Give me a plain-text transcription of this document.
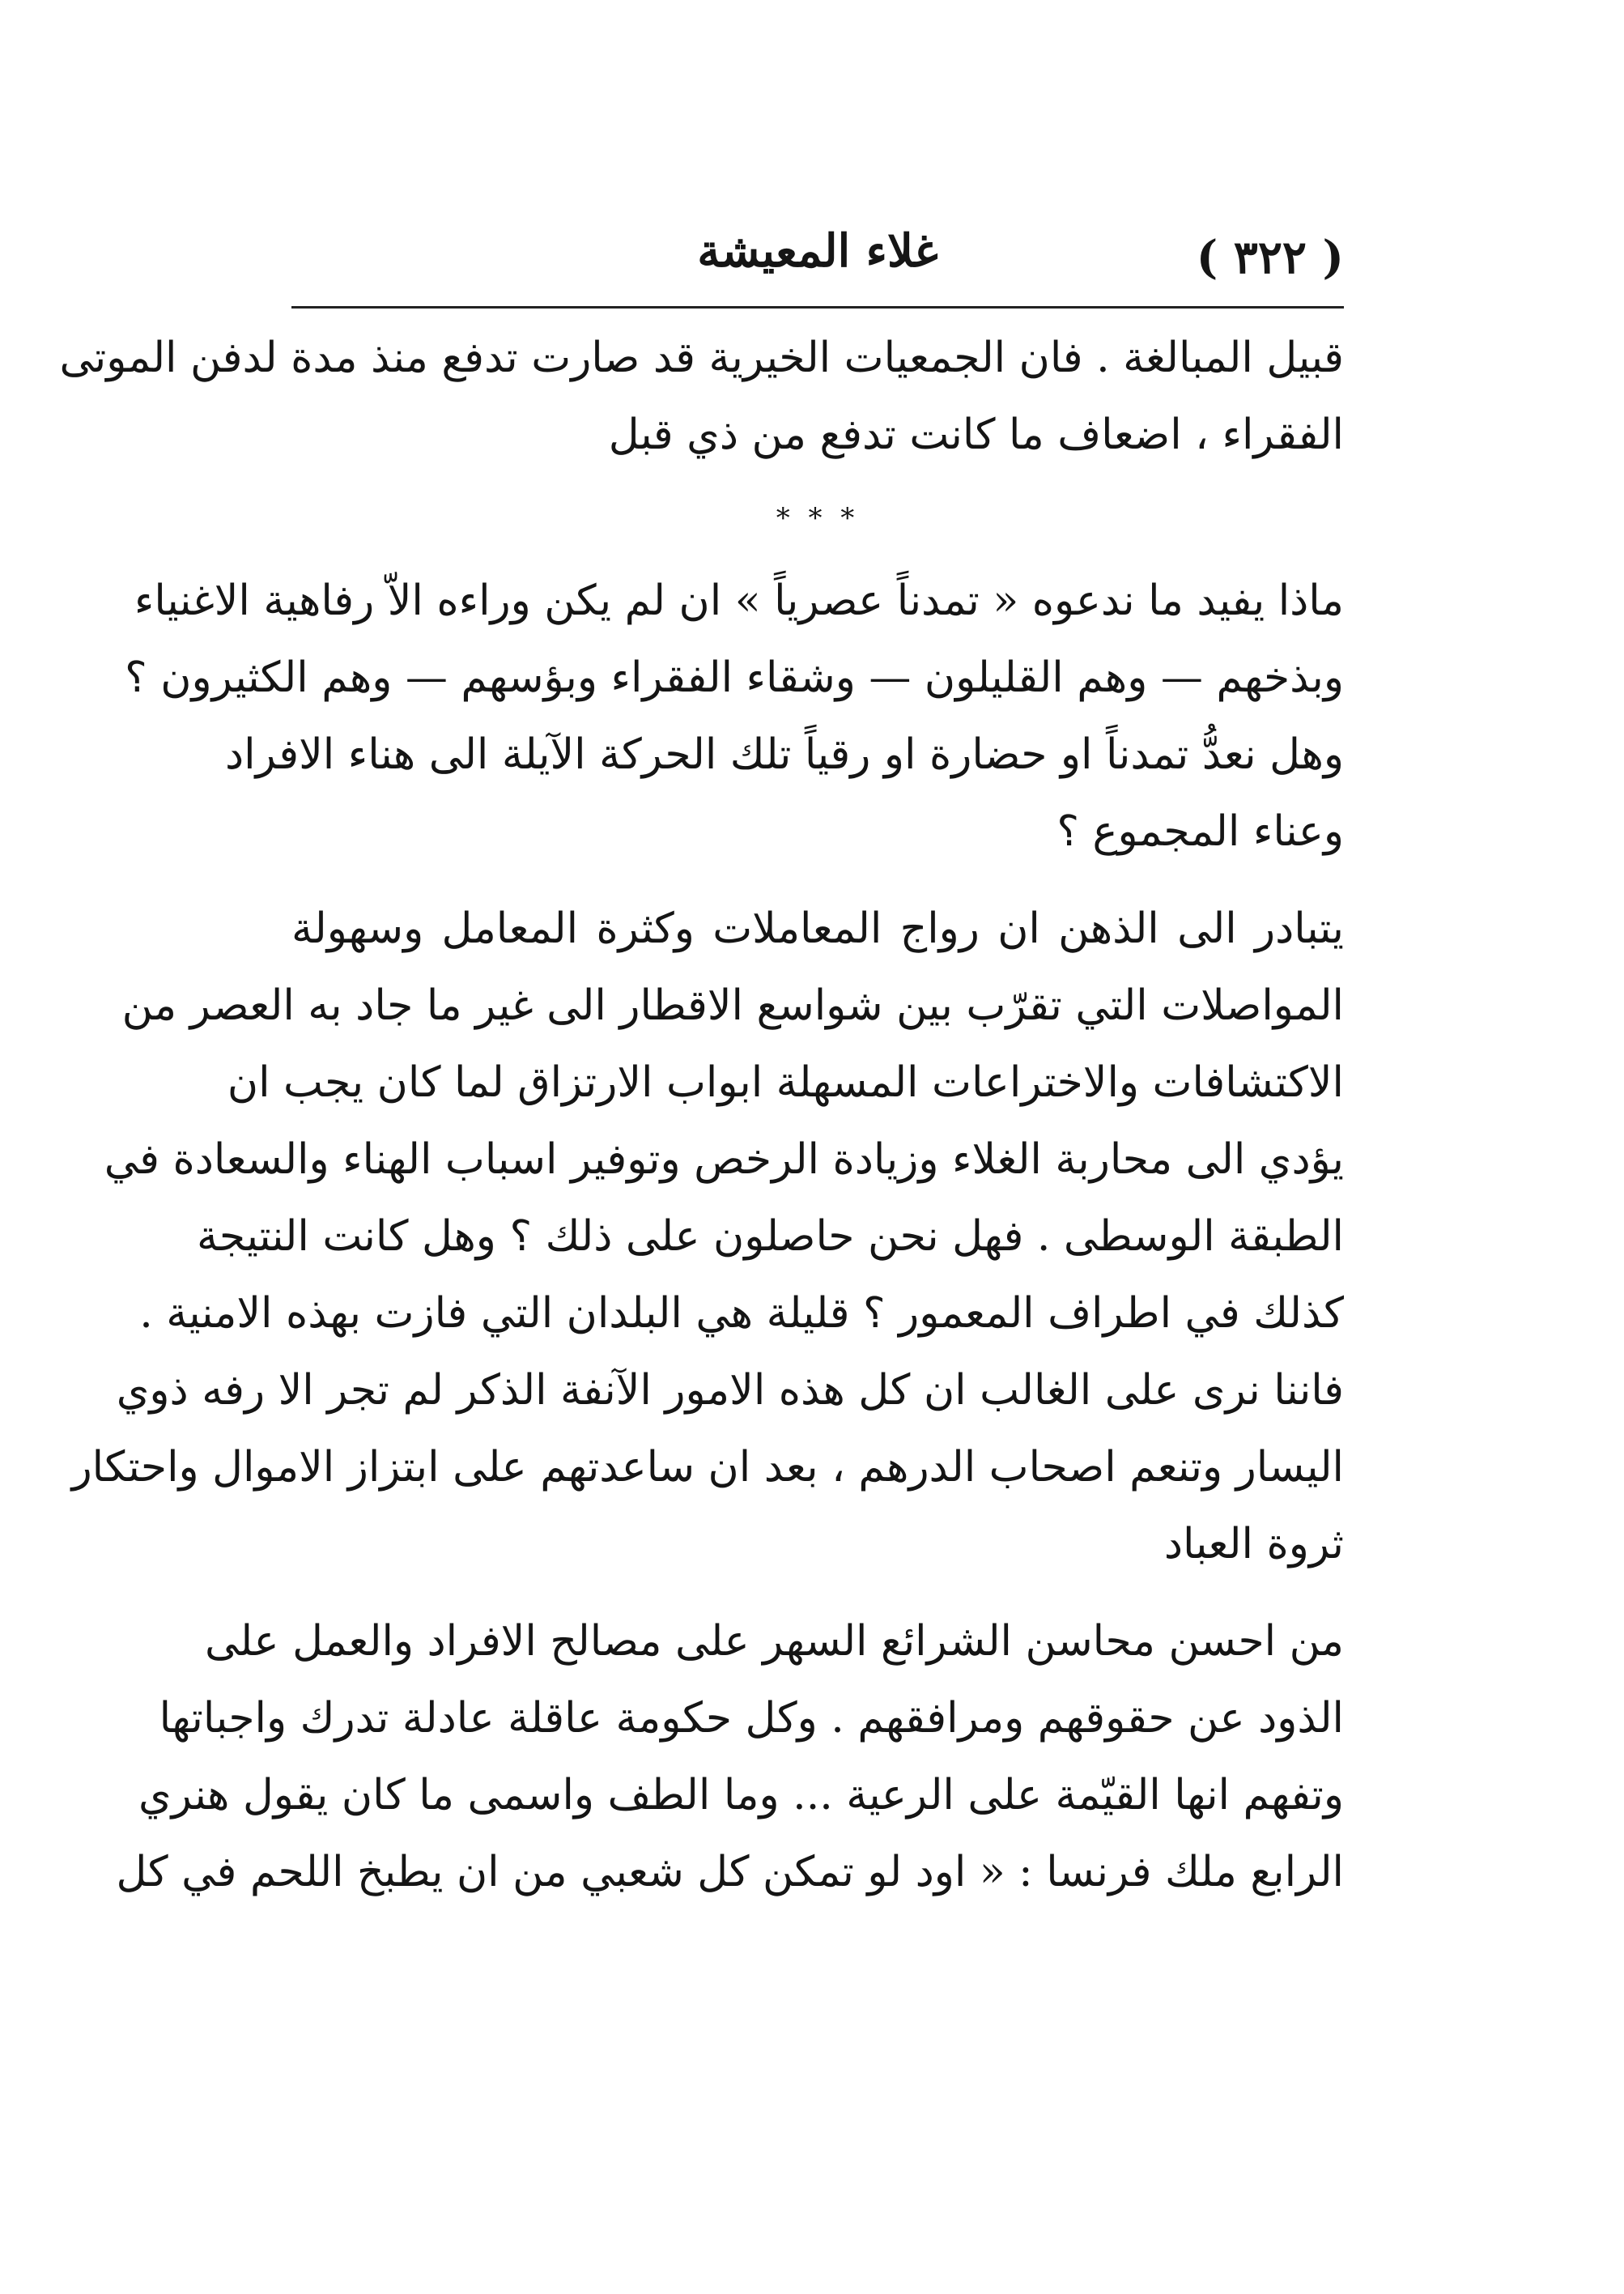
( ٣٢٢ )
غلاء المعيشة
قبيل المبالغة . فان الجمعيات الخيرية قد صارت تدفع منذ مدة لدفن الموتى
الفقراء ، اضعاف ما كانت تدفع من ذي قبل
* * *
ماذا يفيد ما ندعوه « تمدناً عصرياً » ان لم يكن وراءه الاّ رفاهية الاغنياء
وبذخهم — وهم القليلون — وشقاء الفقراء وبؤسهم — وهم الكثيرون ؟
وهل نعدُّ تمدناً او حضارة او رقياً تلك الحركة الآيلة الى هناء الافراد
وعناء المجموع ؟
يتبادر الى الذهن ان رواج المعاملات وكثرة المعامل وسهولة
المواصلات التي تقرّب بين شواسع الاقطار الى غير ما جاد به العصر من
الاكتشافات والاختراعات المسهلة ابواب الارتزاق لما كان يجب ان
يؤدي الى محاربة الغلاء وزيادة الرخص وتوفير اسباب الهناء والسعادة في
الطبقة الوسطى . فهل نحن حاصلون على ذلك ؟ وهل كانت النتيجة
كذلك في اطراف المعمور ؟ قليلة هي البلدان التي فازت بهذه الامنية .
فاننا نرى على الغالب ان كل هذه الامور الآنفة الذكر لم تجر الا رفه ذوي
اليسار وتنعم اصحاب الدرهم ، بعد ان ساعدتهم على ابتزاز الاموال واحتكار
ثروة العباد
من احسن محاسن الشرائع السهر على مصالح الافراد والعمل على
الذود عن حقوقهم ومرافقهم . وكل حكومة عاقلة عادلة تدرك واجباتها
وتفهم انها القيّمة على الرعية ... وما الطف واسمى ما كان يقول هنري
الرابع ملك فرنسا : « اود لو تمكن كل شعبي من ان يطبخ اللحم في كل
